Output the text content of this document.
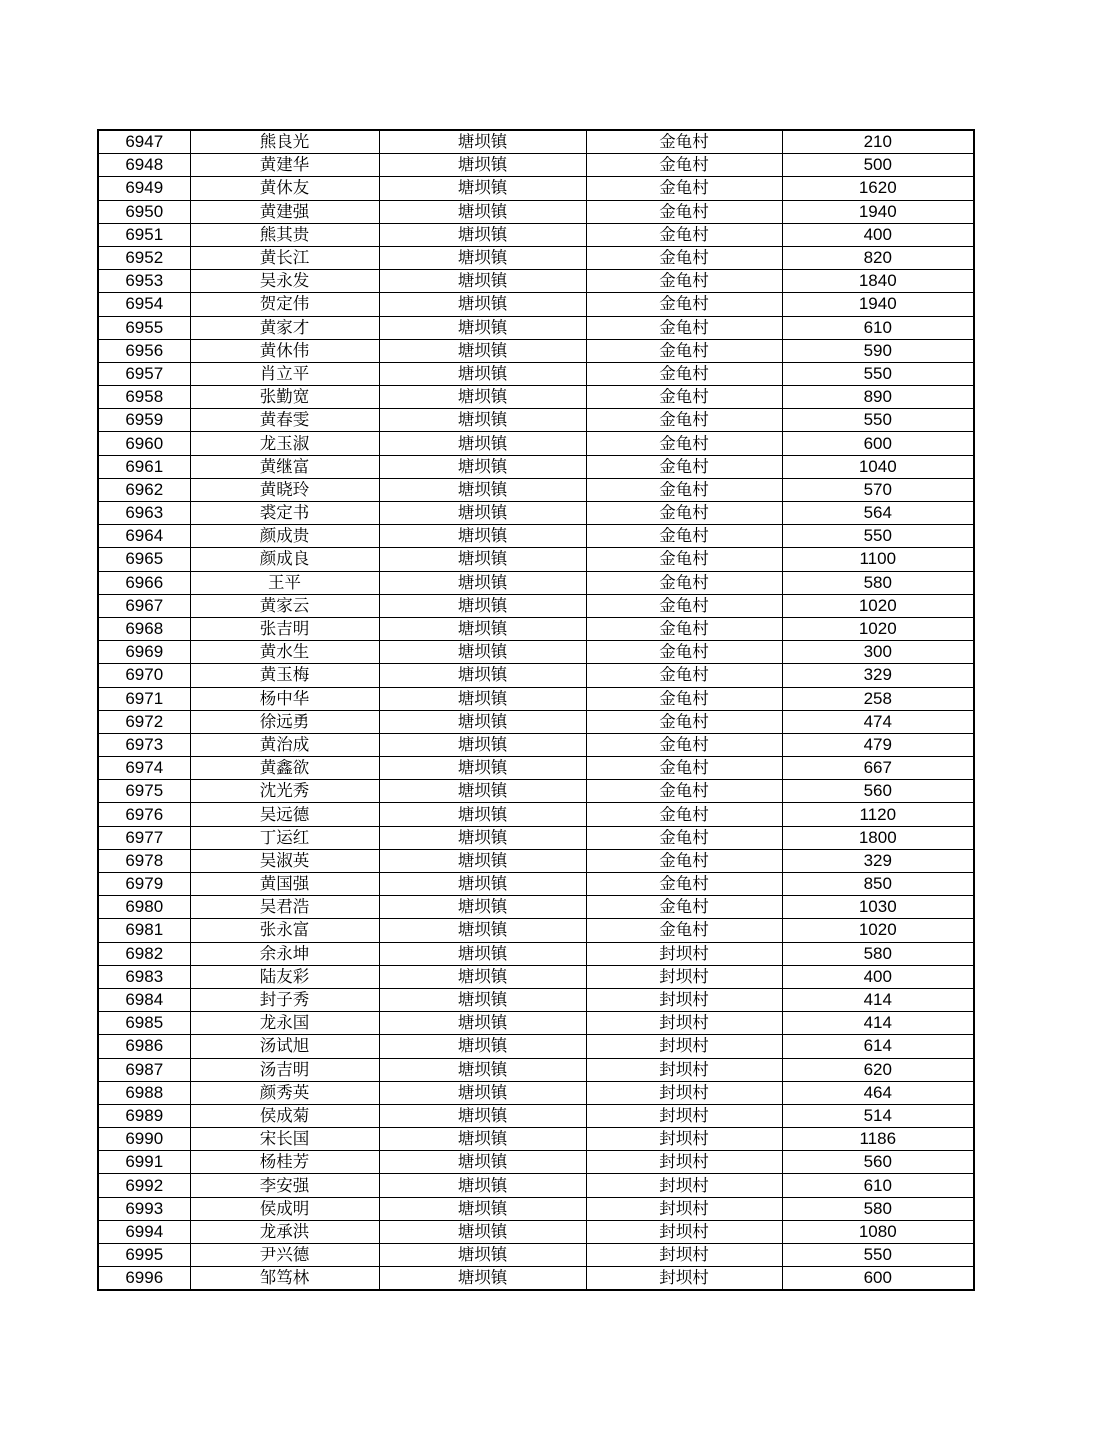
6947	熊良光	塘坝镇	金龟村	210
6948	黄建华	塘坝镇	金龟村	500
6949	黄休友	塘坝镇	金龟村	1620
6950	黄建强	塘坝镇	金龟村	1940
6951	熊其贵	塘坝镇	金龟村	400
6952	黄长江	塘坝镇	金龟村	820
6953	吴永发	塘坝镇	金龟村	1840
6954	贺定伟	塘坝镇	金龟村	1940
6955	黄家才	塘坝镇	金龟村	610
6956	黄休伟	塘坝镇	金龟村	590
6957	肖立平	塘坝镇	金龟村	550
6958	张勤宽	塘坝镇	金龟村	890
6959	黄春雯	塘坝镇	金龟村	550
6960	龙玉淑	塘坝镇	金龟村	600
6961	黄继富	塘坝镇	金龟村	1040
6962	黄晓玲	塘坝镇	金龟村	570
6963	裘定书	塘坝镇	金龟村	564
6964	颜成贵	塘坝镇	金龟村	550
6965	颜成良	塘坝镇	金龟村	1100
6966	王平	塘坝镇	金龟村	580
6967	黄家云	塘坝镇	金龟村	1020
6968	张吉明	塘坝镇	金龟村	1020
6969	黄水生	塘坝镇	金龟村	300
6970	黄玉梅	塘坝镇	金龟村	329
6971	杨中华	塘坝镇	金龟村	258
6972	徐远勇	塘坝镇	金龟村	474
6973	黄治成	塘坝镇	金龟村	479
6974	黄鑫欲	塘坝镇	金龟村	667
6975	沈光秀	塘坝镇	金龟村	560
6976	吴远德	塘坝镇	金龟村	1120
6977	丁运红	塘坝镇	金龟村	1800
6978	吴淑英	塘坝镇	金龟村	329
6979	黄国强	塘坝镇	金龟村	850
6980	吴君浩	塘坝镇	金龟村	1030
6981	张永富	塘坝镇	金龟村	1020
6982	余永坤	塘坝镇	封坝村	580
6983	陆友彩	塘坝镇	封坝村	400
6984	封子秀	塘坝镇	封坝村	414
6985	龙永国	塘坝镇	封坝村	414
6986	汤试旭	塘坝镇	封坝村	614
6987	汤吉明	塘坝镇	封坝村	620
6988	颜秀英	塘坝镇	封坝村	464
6989	侯成菊	塘坝镇	封坝村	514
6990	宋长国	塘坝镇	封坝村	1186
6991	杨桂芳	塘坝镇	封坝村	560
6992	李安强	塘坝镇	封坝村	610
6993	侯成明	塘坝镇	封坝村	580
6994	龙承洪	塘坝镇	封坝村	1080
6995	尹兴德	塘坝镇	封坝村	550
6996	邹笃林	塘坝镇	封坝村	600
